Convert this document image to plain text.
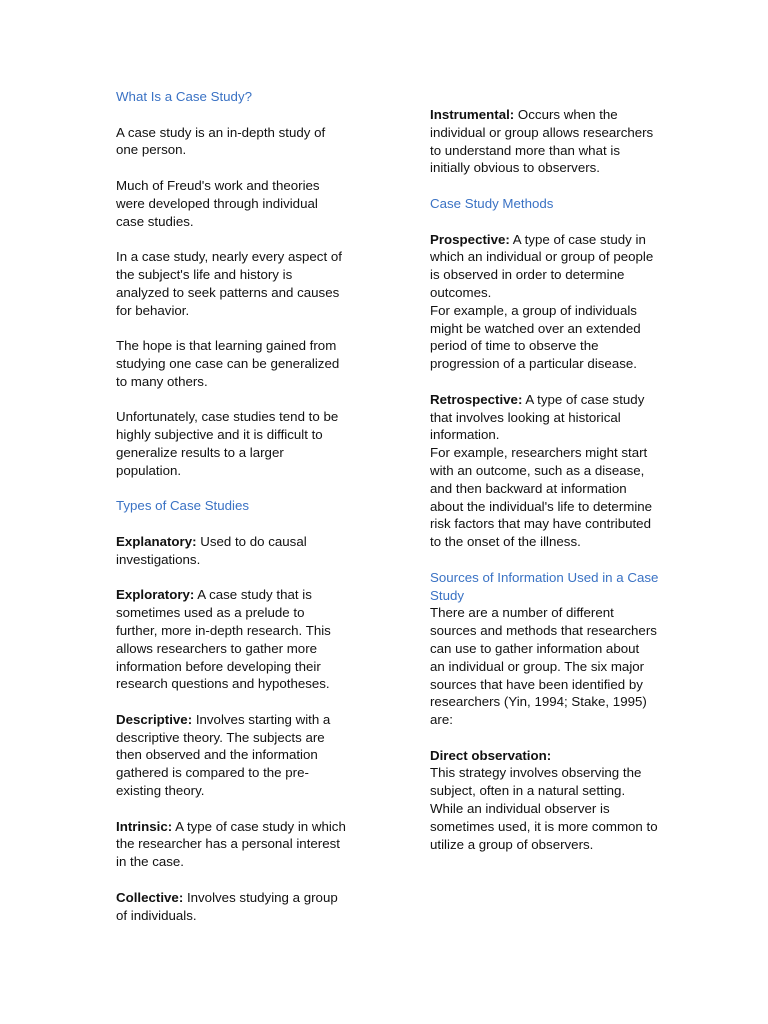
What Is a Case Study?
A case study is an in-depth study of
one person.
Much of Freud's work and theories
were developed through individual
case studies.
In a case study, nearly every aspect of
the subject's life and history is
analyzed to seek patterns and causes
for behavior.
The hope is that learning gained from
studying one case can be generalized
to many others.
Unfortunately, case studies tend to be
highly subjective and it is difficult to
generalize results to a larger
population.
Types of Case Studies
Explanatory: Used to do causal
investigations.
Exploratory: A case study that is
sometimes used as a prelude to
further, more in-depth research. This
allows researchers to gather more
information before developing their
research questions and hypotheses.
Descriptive: Involves starting with a
descriptive theory. The subjects are
then observed and the information
gathered is compared to the pre-
existing theory.
Intrinsic: A type of case study in which
the researcher has a personal interest
in the case.
Collective: Involves studying a group
of individuals.
Instrumental: Occurs when the
individual or group allows researchers
to understand more than what is
initially obvious to observers.
Case Study Methods
Prospective: A type of case study in
which an individual or group of people
is observed in order to determine
outcomes.
For example, a group of individuals
might be watched over an extended
period of time to observe the
progression of a particular disease.
Retrospective: A type of case study
that involves looking at historical
information.
For example, researchers might start
with an outcome, such as a disease,
and then backward at information
about the individual's life to determine
risk factors that may have contributed
to the onset of the illness.
Sources of Information Used in a Case
Study
There are a number of different
sources and methods that researchers
can use to gather information about
an individual or group. The six major
sources that have been identified by
researchers (Yin, 1994; Stake, 1995)
are:
Direct observation:
This strategy involves observing the
subject, often in a natural setting.
While an individual observer is
sometimes used, it is more common to
utilize a group of observers.
